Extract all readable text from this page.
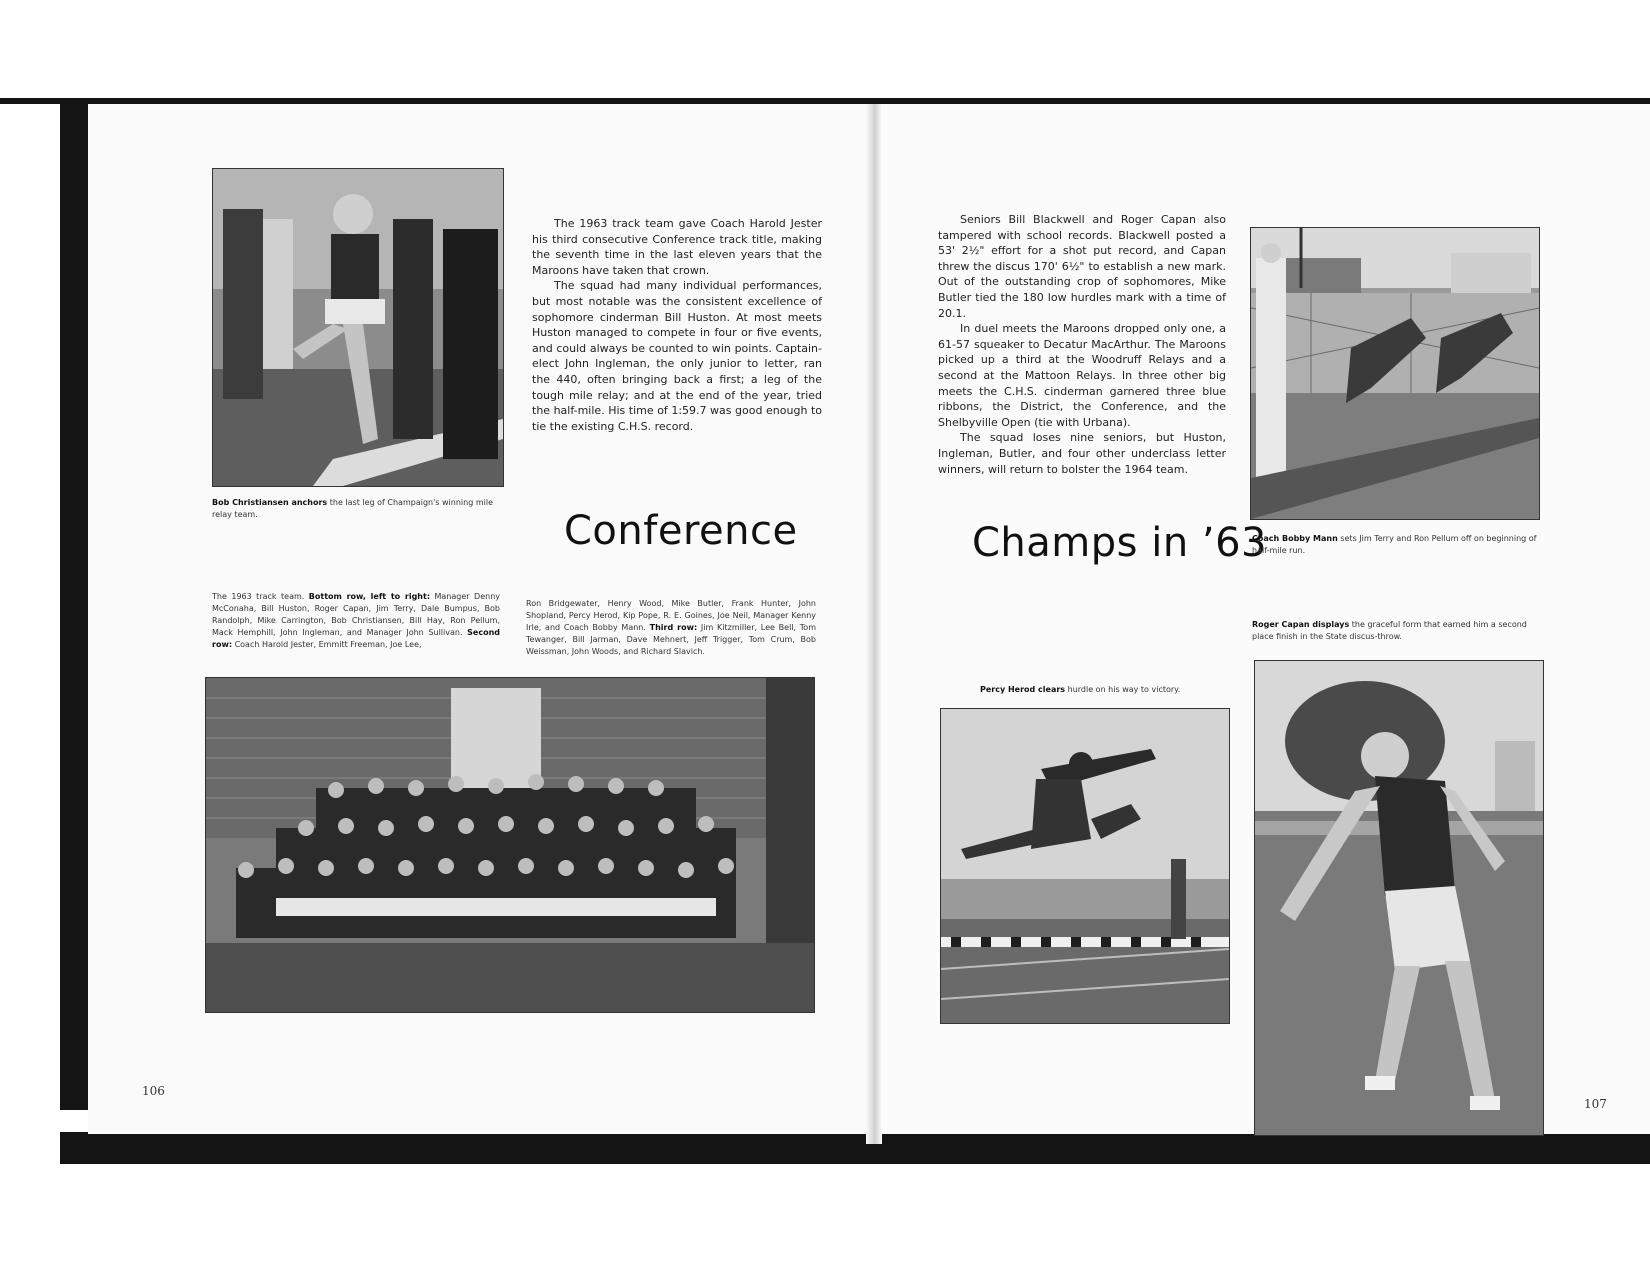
Bob Christiansen anchors the last leg of Champaign's winning mile relay team.

The 1963 track team gave Coach Harold Jester his third consecutive Conference track title, making the seventh time in the last eleven years that the Maroons have taken that crown.

The squad had many individual performances, but most notable was the consistent excellence of sophomore cinderman Bill Huston. At most meets Huston managed to compete in four or five events, and could always be counted to win points. Captain-elect John Ingleman, the only junior to letter, ran the 440, often bringing back a first; a leg of the tough mile relay; and at the end of the year, tried the half-mile. His time of 1:59.7 was good enough to tie the existing C.H.S. record.

Conference
The 1963 track team. Bottom row, left to right: Manager Denny McConaha, Bill Huston, Roger Capan, Jim Terry, Dale Bumpus, Bob Randolph, Mike Carrington, Bob Christiansen, Bill Hay, Ron Pellum, Mack Hemphill, John Ingleman, and Manager John Sullivan. Second row: Coach Harold Jester, Emmitt Freeman, Joe Lee,
Ron Bridgewater, Henry Wood, Mike Butler, Frank Hunter, John Shopland, Percy Herod, Kip Pope, R. E. Goines, Joe Neil, Manager Kenny Irle, and Coach Bobby Mann. Third row: Jim Kitzmiller, Lee Bell, Tom Tewanger, Bill Jarman, Dave Mehnert, Jeff Trigger, Tom Crum, Bob Weissman, John Woods, and Richard Slavich.
106

Seniors Bill Blackwell and Roger Capan also tampered with school records. Blackwell posted a 53' 2½" effort for a shot put record, and Capan threw the discus 170' 6½" to establish a new mark. Out of the outstanding crop of sophomores, Mike Butler tied the 180 low hurdles mark with a time of 20.1.

In duel meets the Maroons dropped only one, a 61-57 squeaker to Decatur MacArthur. The Maroons picked up a third at the Woodruff Relays and a second at the Mattoon Relays. In three other big meets the C.H.S. cinderman garnered three blue ribbons, the District, the Conference, and the Shelbyville Open (tie with Urbana).

The squad loses nine seniors, but Huston, Ingleman, Butler, and four other underclass letter winners, will return to bolster the 1964 team.

Champs in ’63
Coach Bobby Mann sets Jim Terry and Ron Pellum off on beginning of half-mile run.
Roger Capan displays the graceful form that earned him a second place finish in the State discus-throw.
Percy Herod clears hurdle on his way to victory.
107
